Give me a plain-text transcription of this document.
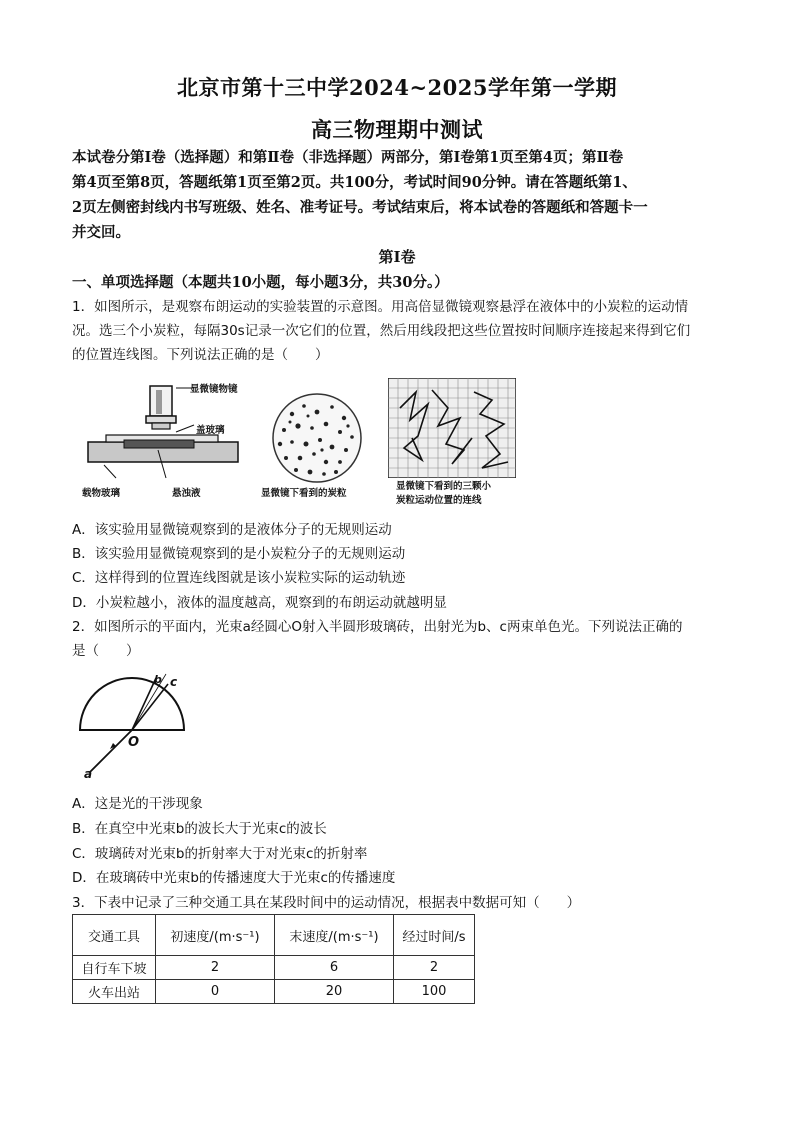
北京市第十三中学2024~2025学年第一学期
高三物理期中测试

本试卷分第Ⅰ卷（选择题）和第Ⅱ卷（非选择题）两部分，第Ⅰ卷第1页至第4页；第Ⅱ卷

第4页至第8页，答题纸第1页至第2页。共100分，考试时间90分钟。请在答题纸第1、

2页左侧密封线内书写班级、姓名、准考证号。考试结束后，将本试卷的答题纸和答题卡一

并交回。

第Ⅰ卷
一、单项选择题（本题共10小题，每小题3分，共30分。）

1．如图所示，是观察布朗运动的实验装置的示意图。用高倍显微镜观察悬浮在液体中的小炭粒的运动情

况。选三个小炭粒，每隔30s记录一次它们的位置，然后用线段把这些位置按时间顺序连接起来得到它们

的位置连线图。下列说法正确的是（　　）

显微镜物镜
盖玻璃
载物玻璃	悬浊液	显微镜下看到的炭粒
显微镜下看到的三颗小
炭粒运动位置的连线
A．该实验用显微镜观察到的是液体分子的无规则运动
B．该实验用显微镜观察到的是小炭粒分子的无规则运动
C．这样得到的位置连线图就是该小炭粒实际的运动轨迹
D．小炭粒越小，液体的温度越高，观察到的布朗运动就越明显

2．如图所示的平面内，光束a经圆心O射入半圆形玻璃砖，出射光为b、c两束单色光。下列说法正确的

是（　　）

a
b c
O
A．这是光的干涉现象
B．在真空中光束b的波长大于光束c的波长
C．玻璃砖对光束b的折射率大于对光束c的折射率
D．在玻璃砖中光束b的传播速度大于光束c的传播速度
3．下表中记录了三种交通工具在某段时间中的运动情况，根据表中数据可知（　　）
交通工具	初速度/(m·s⁻¹)	末速度/(m·s⁻¹)	经过时间/s
自行车下坡	2	6	2
火车出站	0	20	100
